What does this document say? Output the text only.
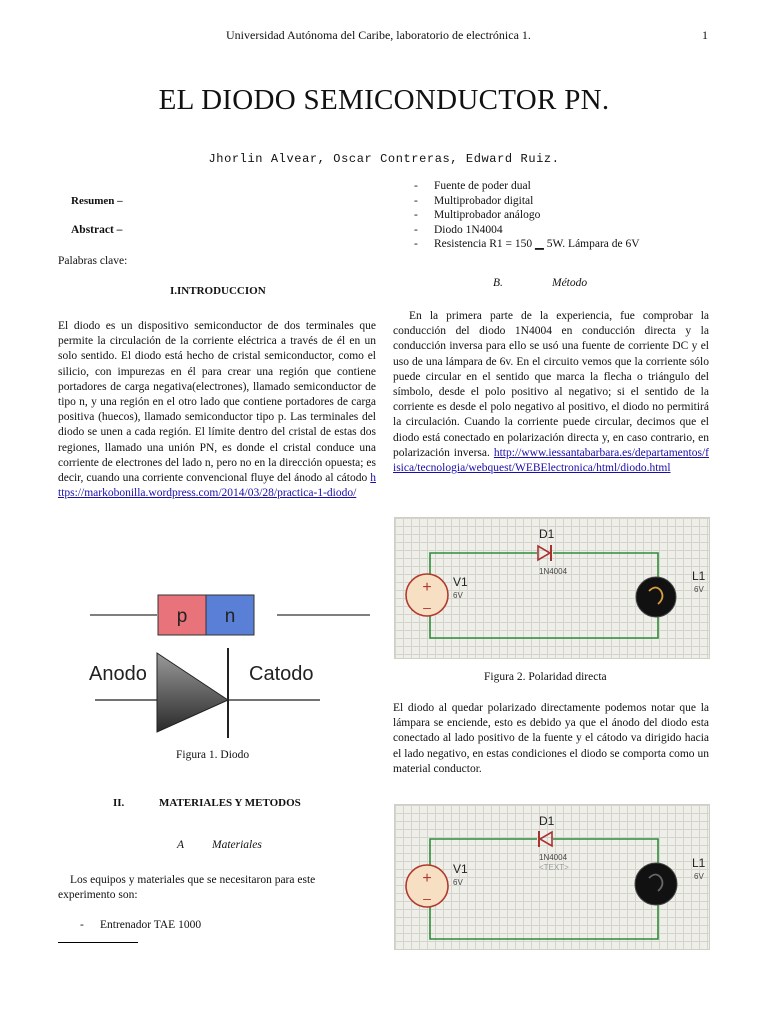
Universidad Autónoma del Caribe, laboratorio de electrónica 1.	1
EL DIODO SEMICONDUCTOR PN.
Jhorlin Alvear, Oscar Contreras, Edward Ruiz.
Resumen –
Abstract –
Palabras clave:
I.INTRODUCCION
El diodo es un dispositivo semiconductor de dos terminales que permite la circulación de la corriente eléctrica a través de él en un solo sentido. El diodo está hecho de cristal semiconductor, como el silicio, con impurezas en él para crear una región que contiene portadores de carga negativa(electrones), llamado semiconductor de tipo n, y una región en el otro lado que contiene portadores de carga positiva (huecos), llamado semiconductor tipo p. Las terminales del diodo se unen a cada región. El límite dentro del cristal de estas dos regiones, llamado una unión PN, es donde el cristal conduce una corriente de electrones del lado n, pero no en la dirección opuesta; es decir, cuando una corriente convencional fluye del ánodo al cátodo https://markobonilla.wordpress.com/2014/03/28/practica-1-diodo/
p n
Anodo	Catodo
Figura 1. Diodo
II.	MATERIALES Y METODOS
A Materiales
Los equipos y materiales que se necesitaron para este experimento son:
- Entrenador TAE 1000
- Fuente de poder dual
- Multiprobador digital
- Multiprobador análogo
- Diodo 1N4004
- Resistencia R1 = 150 ▁ 5W. Lámpara de 6V
B.	Método
En la primera parte de la experiencia, fue comprobar la conducción del diodo 1N4004 en conducción directa y la conducción inversa para ello se usó una fuente de corriente DC y el uso de una lámpara de 6v. En el circuito vemos que la corriente sólo puede circular en el sentido que marca la flecha o triángulo del símbolo, desde el polo positivo al negativo; si el sentido de la corriente es desde el polo negativo al positivo, el diodo no permitirá la circulación. Cuando la corriente puede circular, decimos que el diodo está conectado en polarización directa y, en caso contrario, en polarización inversa. http://www.iessantabarbara.es/departamentos/fisica/tecnologia/webquest/WEBElectronica/html/diodo.html
+
–
D1
1N4004
V1
6V
L1
6V
Figura 2. Polaridad directa
El diodo al quedar polarizado directamente podemos notar que la lámpara se enciende, esto es debido ya que el ánodo del diodo esta conectado al lado positivo de la fuente y el cátodo va dirigido hacia el lado negativo, en estas condiciones el diodo se comporta como un material conductor.
+
–
D1
1N4004
<TEXT>
V1
6V
L1
6V
